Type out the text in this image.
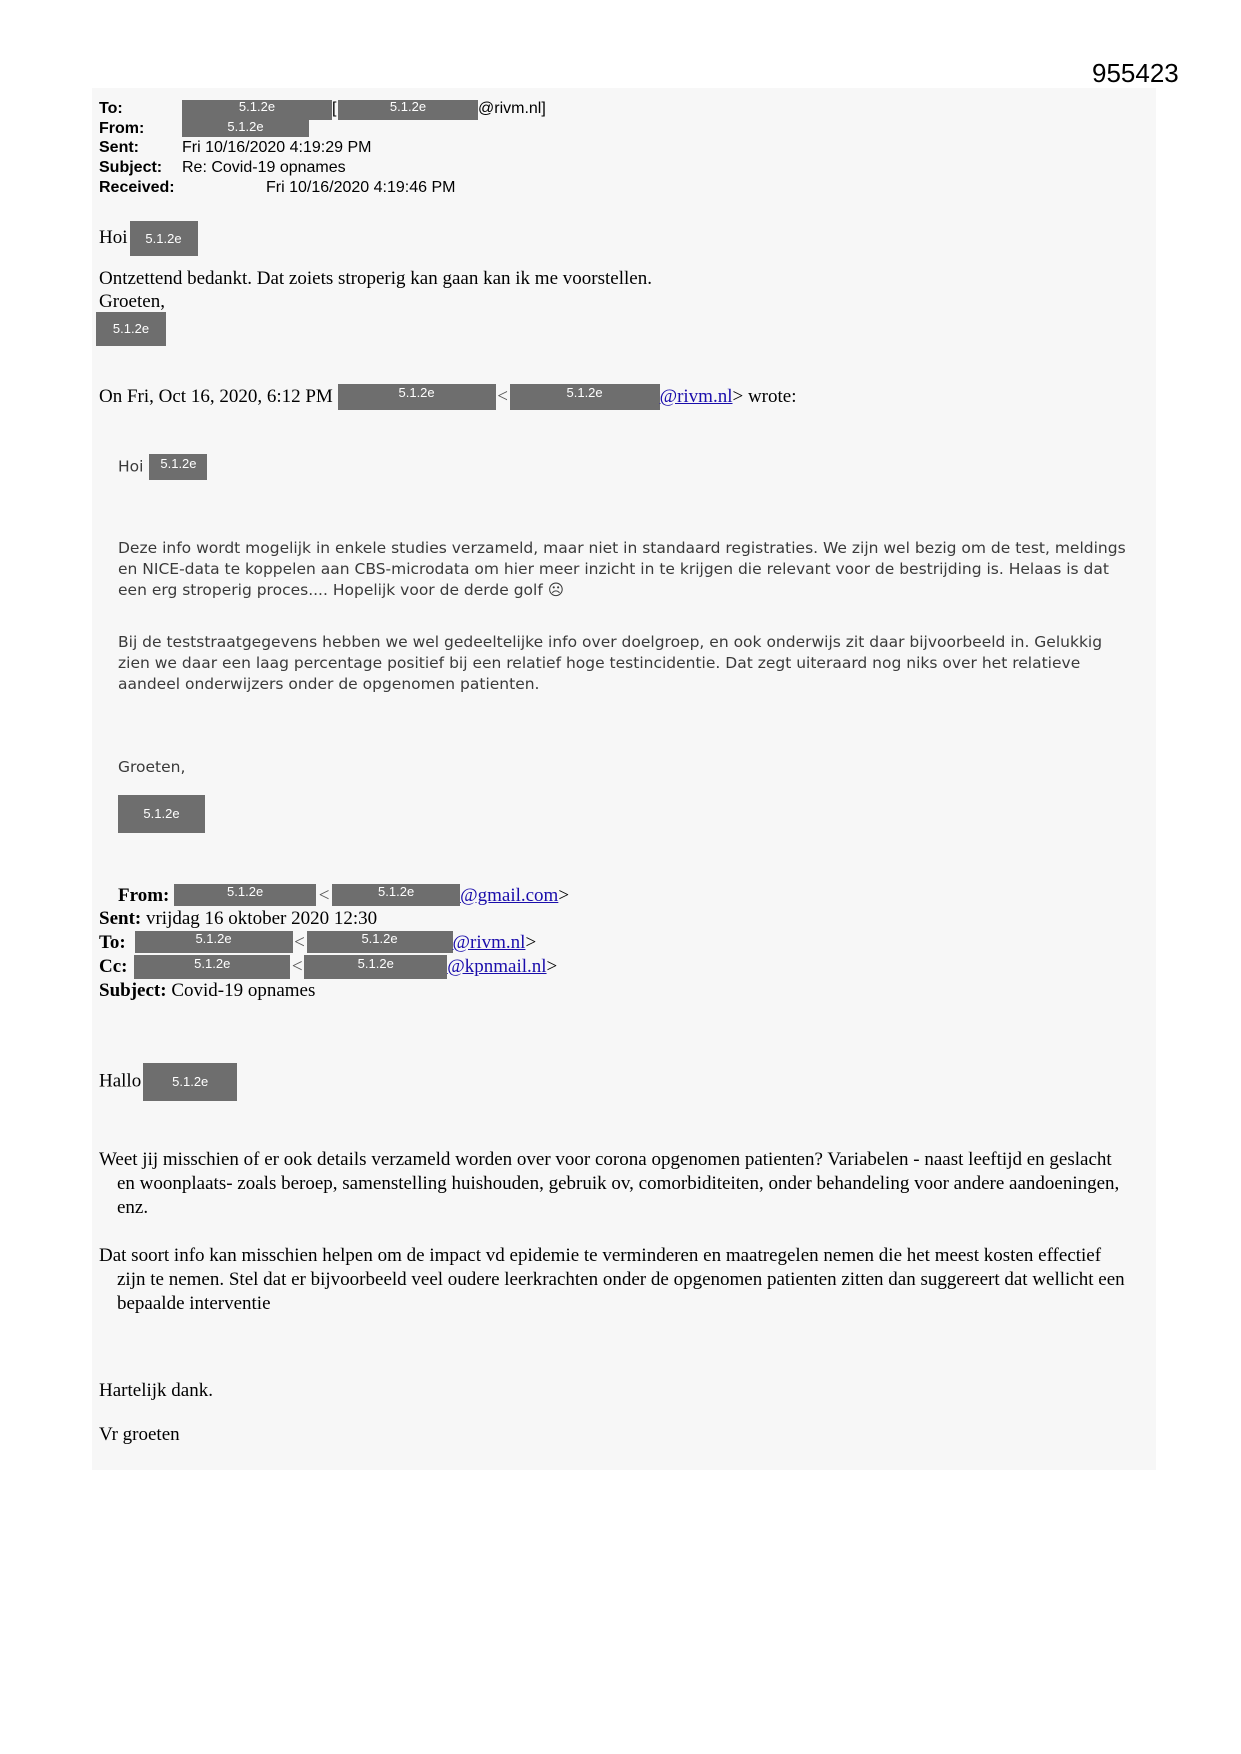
955423
To:	5.1.2e	[	5.1.2e	@rivm.nl]
From:	5.1.2e
Sent:	Fri 10/16/2020 4:19:29 PM
Subject: Re: Covid-19 opnames
Received:	Fri 10/16/2020 4:19:46 PM
Hoi 5.1.2e
Ontzettend bedankt. Dat zoiets stroperig kan gaan kan ik me voorstellen.
Groeten,
5.1.2e
On Fri, Oct 16, 2020, 6:12 PM	5.1.2e	<	5.1.2e	@rivm.nl> wrote:
Hoi 5.1.2e

Deze info wordt mogelijk in enkele studies verzameld, maar niet in standaard registraties. We zijn wel bezig om de test, meldings en NICE-data te koppelen aan CBS-microdata om hier meer inzicht in te krijgen die relevant voor de bestrijding is. Helaas is dat een erg stroperig proces.... Hopelijk voor de derde golf ☹

Bij de teststraatgegevens hebben we wel gedeeltelijke info over doelgroep, en ook onderwijs zit daar bijvoorbeeld in. Gelukkig zien we daar een laag percentage positief bij een relatief hoge testincidentie. Dat zegt uiteraard nog niks over het relatieve aandeel onderwijzers onder de opgenomen patienten.

Groeten,
5.1.2e
From:	5.1.2e	<	5.1.2e @gmail.com>
Sent: vrijdag 16 oktober 2020 12:30
To:	5.1.2e	<	5.1.2e	@rivm.nl>
Cc:	5.1.2e	<	5.1.2e	@kpnmail.nl>
Subject: Covid-19 opnames
Hallo 5.1.2e

Weet jij misschien of er ook details verzameld worden over voor corona opgenomen patienten? Variabelen - naast leeftijd en geslacht en woonplaats- zoals beroep, samenstelling huishouden, gebruik ov, comorbiditeiten, onder behandeling voor andere aandoeningen, enz.

Dat soort info kan misschien helpen om de impact vd epidemie te verminderen en maatregelen nemen die het meest kosten effectief zijn te nemen. Stel dat er bijvoorbeeld veel oudere leerkrachten onder de opgenomen patienten zitten dan suggereert dat wellicht een bepaalde interventie

Hartelijk dank.
Vr groeten
